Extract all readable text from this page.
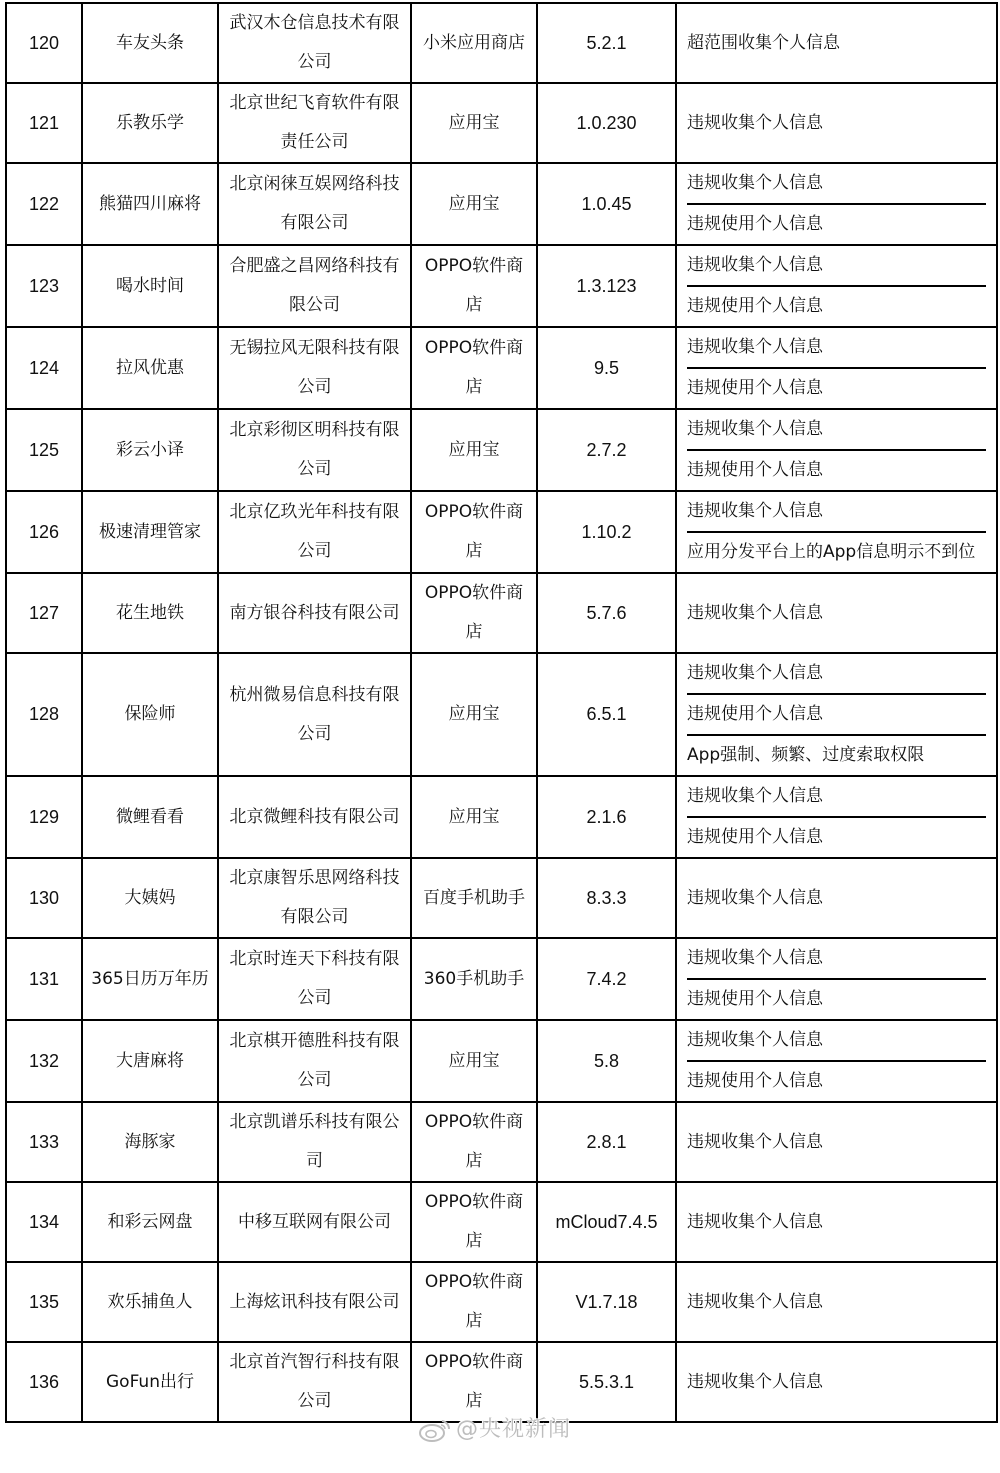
120	车友头条	武汉木仓信息技术有限公司	小米应用商店	5.2.1	超范围收集个人信息

121	乐教乐学	北京世纪飞育软件有限责任公司	应用宝	1.0.230	违规收集个人信息

122	熊猫四川麻将	北京闲徕互娱网络科技有限公司	应用宝	1.0.45	违规收集个人信息
违规使用个人信息

123	喝水时间	合肥盛之昌网络科技有限公司	OPPO软件商店	1.3.123	违规收集个人信息
违规使用个人信息

124	拉风优惠	无锡拉风无限科技有限公司	OPPO软件商店	9.5	违规收集个人信息
违规使用个人信息

125	彩云小译	北京彩彻区明科技有限公司	应用宝	2.7.2	违规收集个人信息
违规使用个人信息

126	极速清理管家	北京亿玖光年科技有限公司	OPPO软件商店	1.10.2	违规收集个人信息
应用分发平台上的App信息明示不到位

127	花生地铁	南方银谷科技有限公司	OPPO软件商店	5.7.6	违规收集个人信息

128	保险师	杭州微易信息科技有限公司	应用宝	6.5.1	违规收集个人信息
违规使用个人信息
App强制、频繁、过度索取权限

129	微鲤看看	北京微鲤科技有限公司	应用宝	2.1.6	违规收集个人信息
违规使用个人信息

130	大姨妈	北京康智乐思网络科技有限公司	百度手机助手	8.3.3	违规收集个人信息

131	365日历万年历	北京时连天下科技有限公司	360手机助手	7.4.2	违规收集个人信息
违规使用个人信息

132	大唐麻将	北京棋开德胜科技有限公司	应用宝	5.8	违规收集个人信息
违规使用个人信息

133	海豚家	北京凯谱乐科技有限公司	OPPO软件商店	2.8.1	违规收集个人信息

134	和彩云网盘	中移互联网有限公司	OPPO软件商店	mCloud7.4.5	违规收集个人信息

135	欢乐捕鱼人	上海炫讯科技有限公司	OPPO软件商店	V1.7.18	违规收集个人信息

136	GoFun出行	北京首汽智行科技有限公司	OPPO软件商店	5.5.3.1	违规收集个人信息
@央视新闻
